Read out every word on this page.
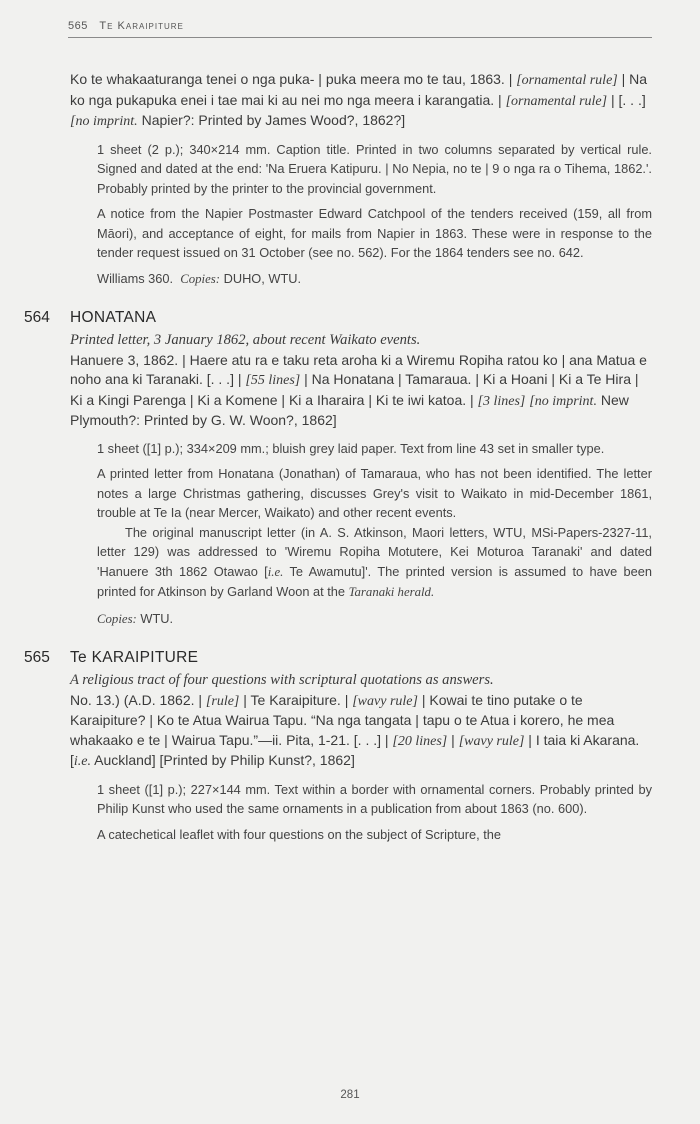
565 Te Karaipiture

Ko te whakaaturanga tenei o nga puka- | puka meera mo te tau, 1863. | [ornamental rule] | Na ko nga pukapuka enei i tae mai ki au nei mo nga meera i karangatia. | [ornamental rule] | [. . .] [no imprint. Napier?: Printed by James Wood?, 1862?]

1 sheet (2 p.); 340×214 mm. Caption title. Printed in two columns separated by vertical rule. Signed and dated at the end: 'Na Eruera Katipuru. | No Nepia, no te | 9 o nga ra o Tihema, 1862.'. Probably printed by the printer to the provincial government.

A notice from the Napier Postmaster Edward Catchpool of the tenders received (159, all from Māori), and acceptance of eight, for mails from Napier in 1863. These were in response to the tender request issued on 31 October (see no. 562). For the 1864 tenders see no. 642.

Williams 360. Copies: DUHO, WTU.

564	HONATANA

Printed letter, 3 January 1862, about recent Waikato events.

Hanuere 3, 1862. | Haere atu ra e taku reta aroha ki a Wiremu Ropiha ratou ko | ana Matua e noho ana ki Taranaki. [. . .] | [55 lines] | Na Honatana | Tamaraua. | Ki a Hoani | Ki a Te Hira | Ki a Kingi Parenga | Ki a Komene | Ki a Iharaira | Ki te iwi katoa. | [3 lines] [no imprint. New Plymouth?: Printed by G. W. Woon?, 1862]

1 sheet ([1] p.); 334×209 mm.; bluish grey laid paper. Text from line 43 set in smaller type.

A printed letter from Honatana (Jonathan) of Tamaraua, who has not been identified. The letter notes a large Christmas gathering, discusses Grey's visit to Waikato in mid-December 1861, trouble at Te Ia (near Mercer, Waikato) and other recent events.

The original manuscript letter (in A. S. Atkinson, Maori letters, WTU, MSi-Papers-2327-11, letter 129) was addressed to 'Wiremu Ropiha Motutere, Kei Moturoa Taranaki' and dated 'Hanuere 3th 1862 Otawao [i.e. Te Awamutu]'. The printed version is assumed to have been printed for Atkinson by Garland Woon at the Taranaki herald.

Copies: WTU.

565	Te KARAIPITURE

A religious tract of four questions with scriptural quotations as answers.

No. 13.) (A.D. 1862. | [rule] | Te Karaipiture. | [wavy rule] | Kowai te tino putake o te Karaipiture? | Ko te Atua Wairua Tapu. “Na nga tangata | tapu o te Atua i korero, he mea whakaako e te | Wairua Tapu.”—ii. Pita, 1-21. [. . .] | [20 lines] | [wavy rule] | I taia ki Akarana. [i.e. Auckland] [Printed by Philip Kunst?, 1862]

1 sheet ([1] p.); 227×144 mm. Text within a border with ornamental corners. Probably printed by Philip Kunst who used the same ornaments in a publication from about 1863 (no. 600).

A catechetical leaflet with four questions on the subject of Scripture, the

281
